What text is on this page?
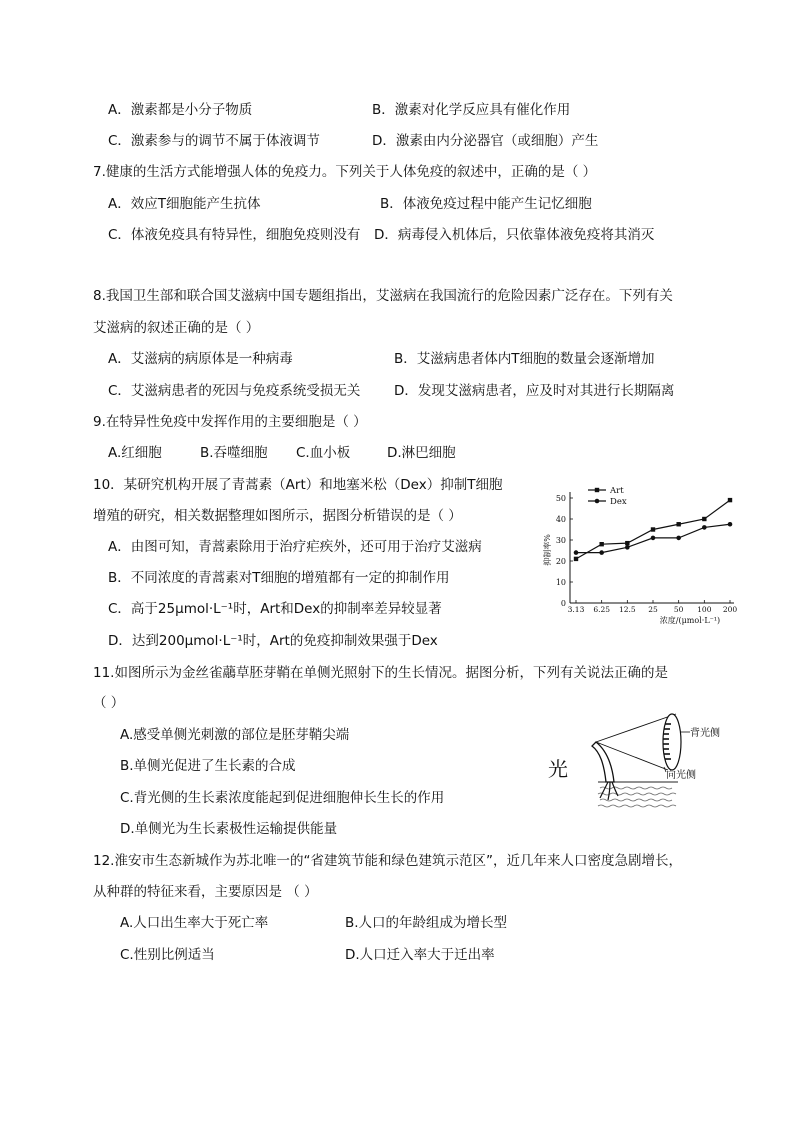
A．激素都是小分子物质	B．激素对化学反应具有催化作用
C．激素参与的调节不属于体液调节	D．激素由内分泌器官（或细胞）产生
7.健康的生活方式能增强人体的免疫力。下列关于人体免疫的叙述中，正确的是（ ）
A．效应T细胞能产生抗体	B．体液免疫过程中能产生记忆细胞
C．体液免疫具有特异性，细胞免疫则没有 D．病毒侵入机体后，只依靠体液免疫将其消灭
8.我国卫生部和联合国艾滋病中国专题组指出，艾滋病在我国流行的危险因素广泛存在。下列有关
艾滋病的叙述正确的是（ ）
A．艾滋病的病原体是一种病毒	B．艾滋病患者体内T细胞的数量会逐渐增加
C．艾滋病患者的死因与免疫系统受损无关 D．发现艾滋病患者，应及时对其进行长期隔离
9.在特异性免疫中发挥作用的主要细胞是（ ）
A.红细胞	B.吞噬细胞 C.血小板	D.淋巴细胞
10．某研究机构开展了青蒿素（Art）和地塞米松（Dex）抑制T细胞
增殖的研究，相关数据整理如图所示，据图分析错误的是（ ）
A．由图可知，青蒿素除用于治疗疟疾外，还可用于治疗艾滋病
B．不同浓度的青蒿素对T细胞的增殖都有一定的抑制作用
C．高于25μmol·L⁻¹时，Art和Dex的抑制率差异较显著
D．达到200μmol·L⁻¹时，Art的免疫抑制效果强于Dex
0
10
20
30
40
50
3.13 6.25 12.5 25 50 100 200
抑制率%
浓度/(μmol·L⁻¹)
Art
Dex
11.如图所示为金丝雀虉草胚芽鞘在单侧光照射下的生长情况。据图分析，下列有关说法正确的是
（ ）
A.感受单侧光刺激的部位是胚芽鞘尖端
B.单侧光促进了生长素的合成
C.背光侧的生长素浓度能起到促进细胞伸长生长的作用
D.单侧光为生长素极性运输提供能量
光
背光侧
向光侧
12.淮安市生态新城作为苏北唯一的“省建筑节能和绿色建筑示范区”，近几年来人口密度急剧增长，
从种群的特征来看，主要原因是 （ ）
A.人口出生率大于死亡率	B.人口的年龄组成为增长型
C.性别比例适当	D.人口迁入率大于迁出率
